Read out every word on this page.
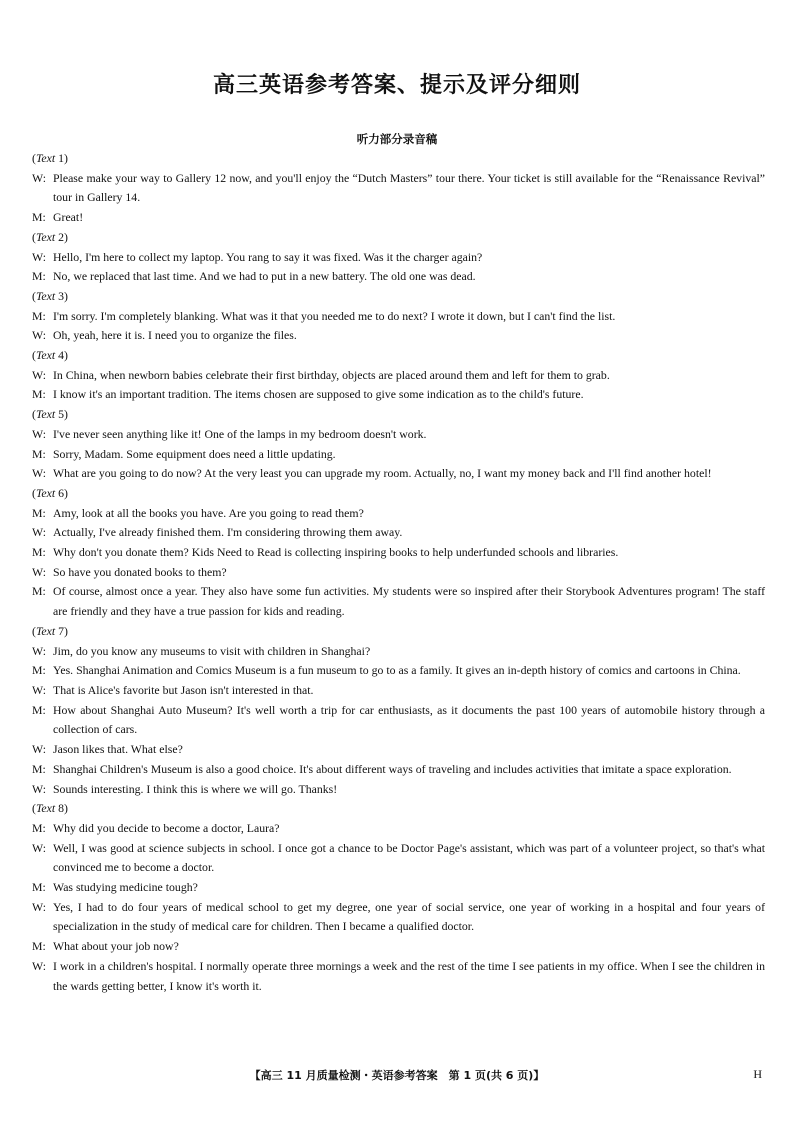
高三英语参考答案、提示及评分细则
听力部分录音稿
(Text 1)
W: Please make your way to Gallery 12 now, and you'll enjoy the “Dutch Masters” tour there. Your ticket is still available for the “Renaissance Revival” tour in Gallery 14.
M: Great!
(Text 2)
W: Hello, I'm here to collect my laptop. You rang to say it was fixed. Was it the charger again?
M: No, we replaced that last time. And we had to put in a new battery. The old one was dead.
(Text 3)
M: I'm sorry. I'm completely blanking. What was it that you needed me to do next? I wrote it down, but I can't find the list.
W: Oh, yeah, here it is. I need you to organize the files.
(Text 4)
W: In China, when newborn babies celebrate their first birthday, objects are placed around them and left for them to grab.
M: I know it's an important tradition. The items chosen are supposed to give some indication as to the child's future.
(Text 5)
W: I've never seen anything like it! One of the lamps in my bedroom doesn't work.
M: Sorry, Madam. Some equipment does need a little updating.
W: What are you going to do now? At the very least you can upgrade my room. Actually, no, I want my money back and I'll find another hotel!
(Text 6)
M: Amy, look at all the books you have. Are you going to read them?
W: Actually, I've already finished them. I'm considering throwing them away.
M: Why don't you donate them? Kids Need to Read is collecting inspiring books to help underfunded schools and libraries.
W: So have you donated books to them?
M: Of course, almost once a year. They also have some fun activities. My students were so inspired after their Storybook Adventures program! The staff are friendly and they have a true passion for kids and reading.
(Text 7)
W: Jim, do you know any museums to visit with children in Shanghai?
M: Yes. Shanghai Animation and Comics Museum is a fun museum to go to as a family. It gives an in-depth history of comics and cartoons in China.
W: That is Alice's favorite but Jason isn't interested in that.
M: How about Shanghai Auto Museum? It's well worth a trip for car enthusiasts, as it documents the past 100 years of automobile history through a collection of cars.
W: Jason likes that. What else?
M: Shanghai Children's Museum is also a good choice. It's about different ways of traveling and includes activities that imitate a space exploration.
W: Sounds interesting. I think this is where we will go. Thanks!
(Text 8)
M: Why did you decide to become a doctor, Laura?
W: Well, I was good at science subjects in school. I once got a chance to be Doctor Page's assistant, which was part of a volunteer project, so that's what convinced me to become a doctor.
M: Was studying medicine tough?
W: Yes, I had to do four years of medical school to get my degree, one year of social service, one year of working in a hospital and four years of specialization in the study of medical care for children. Then I became a qualified doctor.
M: What about your job now?
W: I work in a children's hospital. I normally operate three mornings a week and the rest of the time I see patients in my office. When I see the children in the wards getting better, I know it's worth it.
【高三 11 月质量检测・英语参考答案　第 1 页(共 6 页)】	H
